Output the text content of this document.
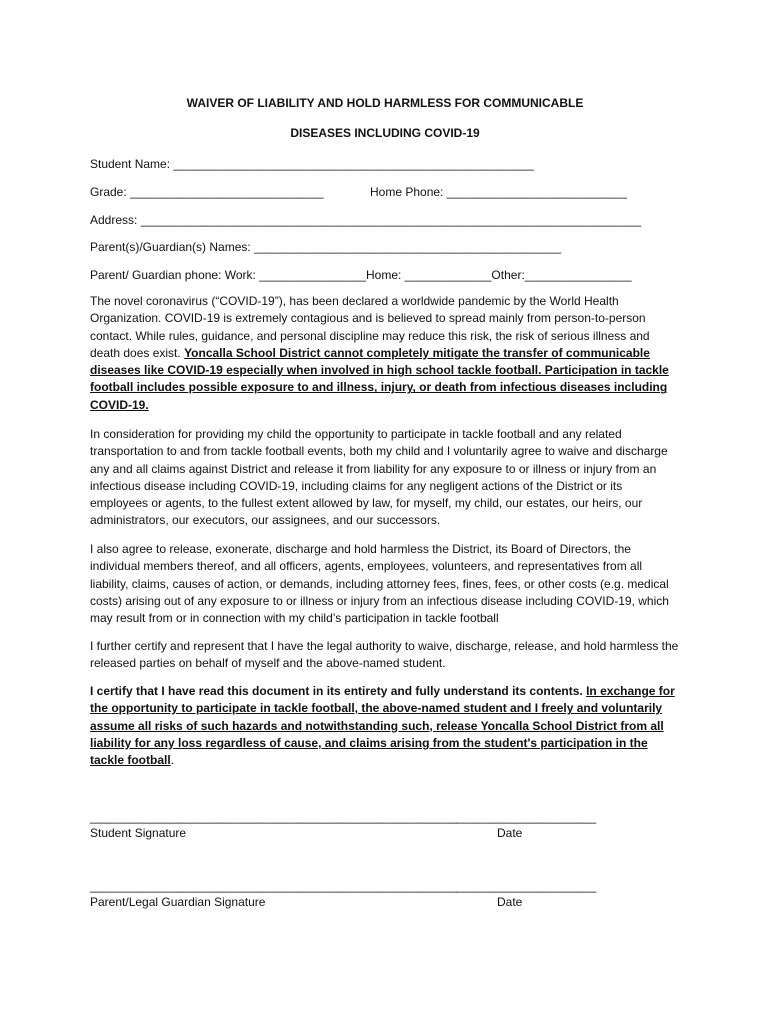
WAIVER OF LIABILITY AND HOLD HARMLESS FOR COMMUNICABLE
DISEASES INCLUDING COVID-19
Student Name: ______________________________________________________
Grade: _____________________________	Home Phone: ___________________________
Address: ___________________________________________________________________________
Parent(s)/Guardian(s) Names: ______________________________________________
Parent/ Guardian phone: Work: ________________Home: _____________Other:________________
The novel coronavirus (“COVID-19”), has been declared a worldwide pandemic by the World Health Organization. COVID-19 is extremely contagious and is believed to spread mainly from person-to-person contact. While rules, guidance, and personal discipline may reduce this risk, the risk of serious illness and death does exist. Yoncalla School District cannot completely mitigate the transfer of communicable diseases like COVID-19 especially when involved in high school tackle football. Participation in tackle football includes possible exposure to and illness, injury, or death from infectious diseases including COVID-19.
In consideration for providing my child the opportunity to participate in tackle football and any related transportation to and from tackle football events, both my child and I voluntarily agree to waive and discharge any and all claims against District and release it from liability for any exposure to or illness or injury from an infectious disease including COVID-19, including claims for any negligent actions of the District or its employees or agents, to the fullest extent allowed by law, for myself, my child, our estates, our heirs, our administrators, our executors, our assignees, and our successors.
I also agree to release, exonerate, discharge and hold harmless the District, its Board of Directors, the individual members thereof, and all officers, agents, employees, volunteers, and representatives from all liability, claims, causes of action, or demands, including attorney fees, fines, fees, or other costs (e.g. medical costs) arising out of any exposure to or illness or injury from an infectious disease including COVID-19, which may result from or in connection with my child’s participation in tackle football
I further certify and represent that I have the legal authority to waive, discharge, release, and hold harmless the released parties on behalf of myself and the above-named student.
I certify that I have read this document in its entirety and fully understand its contents. In exchange for the opportunity to participate in tackle football, the above-named student and I freely and voluntarily assume all risks of such hazards and notwithstanding such, release Yoncalla School District from all liability for any loss regardless of cause, and claims arising from the student's participation in the tackle football.
_______________________________________________________
_____________________
Student Signature	Date
_______________________________________________________
_____________________
Parent/Legal Guardian Signature	Date
